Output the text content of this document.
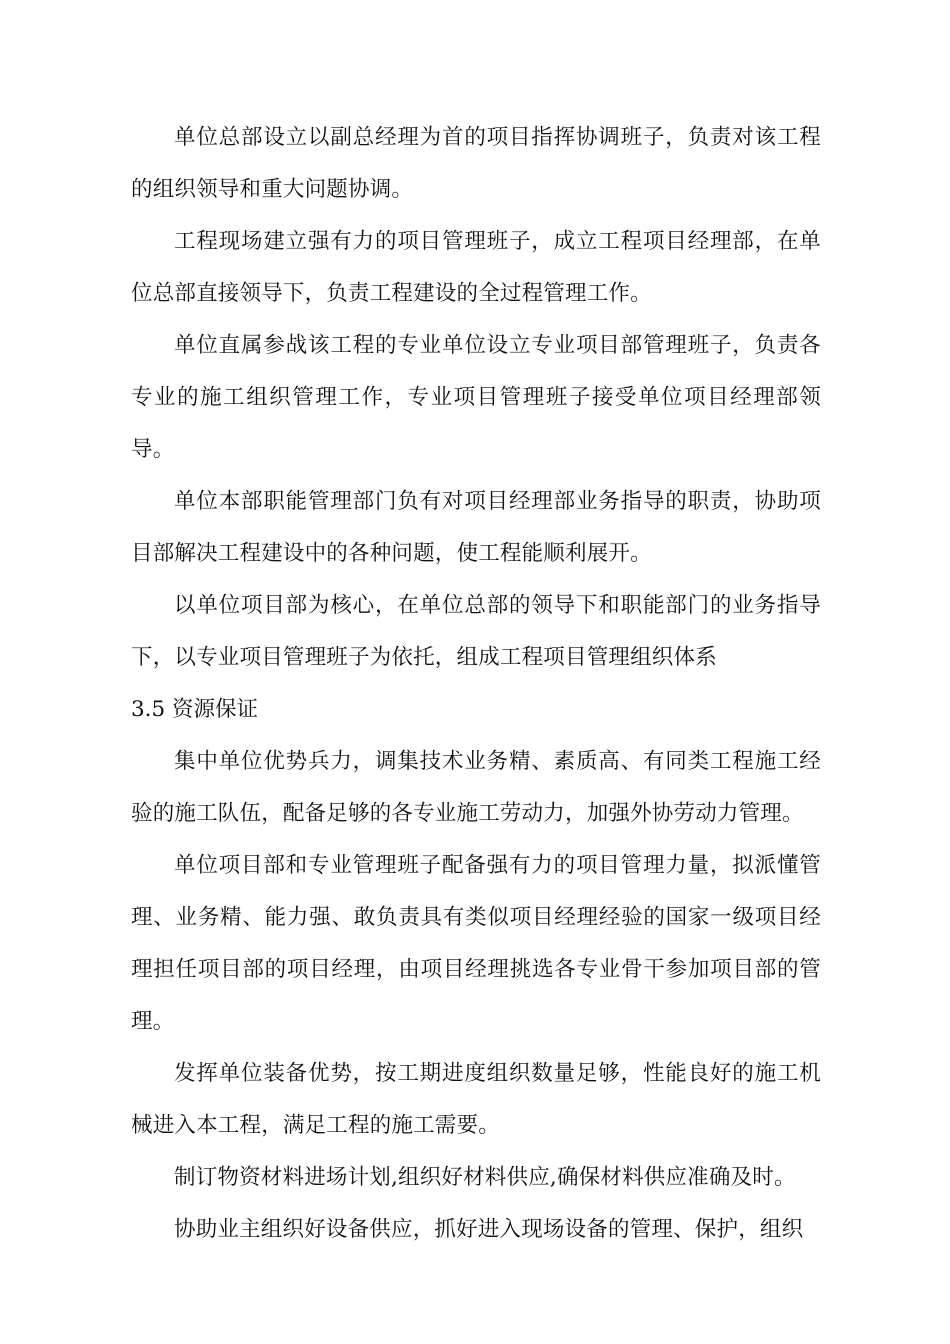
单位总部设立以副总经理为首的项目指挥协调班子，负责对该工程的组织领导和重大问题协调。

工程现场建立强有力的项目管理班子，成立工程项目经理部，在单位总部直接领导下，负责工程建设的全过程管理工作。

单位直属参战该工程的专业单位设立专业项目部管理班子，负责各专业的施工组织管理工作，专业项目管理班子接受单位项目经理部领导。

单位本部职能管理部门负有对项目经理部业务指导的职责，协助项目部解决工程建设中的各种问题，使工程能顺利展开。

以单位项目部为核心，在单位总部的领导下和职能部门的业务指导下，以专业项目管理班子为依托，组成工程项目管理组织体系

3.5 资源保证

集中单位优势兵力，调集技术业务精、素质高、有同类工程施工经验的施工队伍，配备足够的各专业施工劳动力，加强外协劳动力管理。

单位项目部和专业管理班子配备强有力的项目管理力量，拟派懂管理、业务精、能力强、敢负责具有类似项目经理经验的国家一级项目经理担任项目部的项目经理，由项目经理挑选各专业骨干参加项目部的管理。

发挥单位装备优势，按工期进度组织数量足够，性能良好的施工机械进入本工程，满足工程的施工需要。

制订物资材料进场计划,组织好材料供应,确保材料供应准确及时。

协助业主组织好设备供应，抓好进入现场设备的管理、保护，组织
